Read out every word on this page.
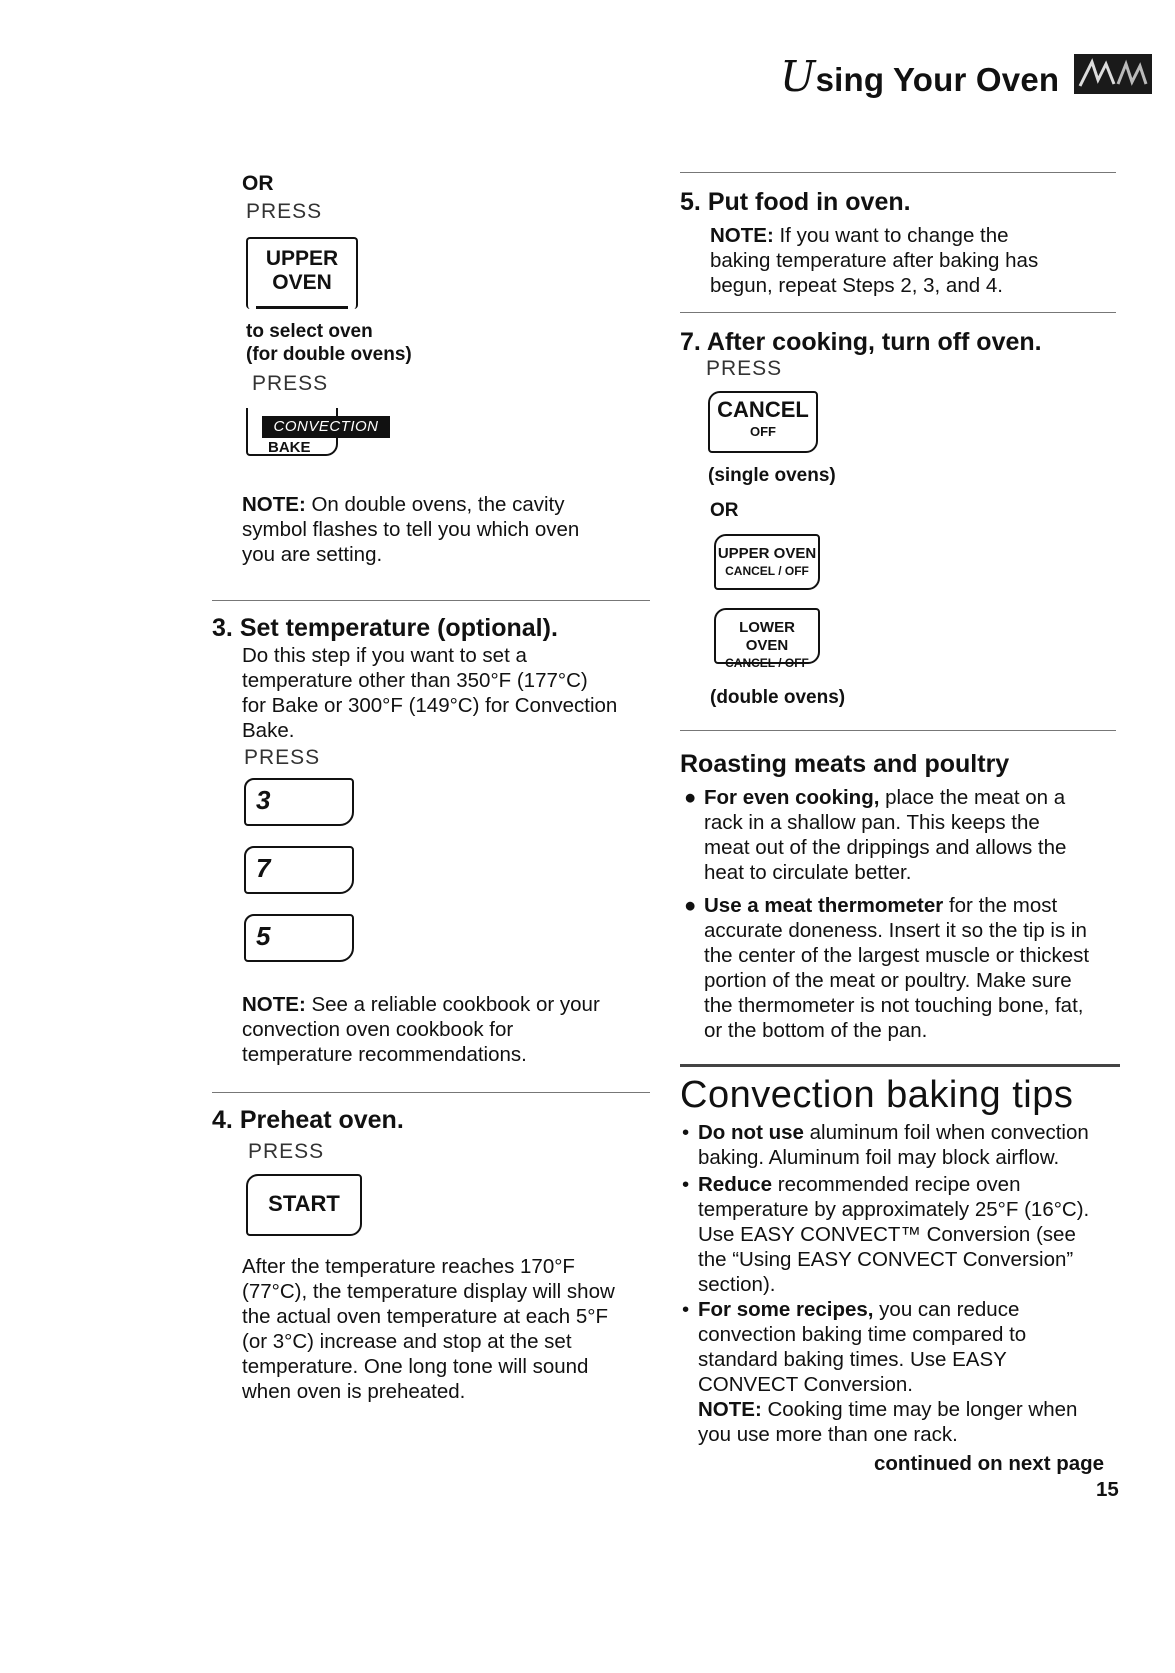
Using Your Oven
OR
PRESS
UPPER
OVEN
to select oven
(for double ovens)
PRESS
CONVECTION
BAKE
NOTE: On double ovens, the cavity
symbol flashes to tell you which oven
you are setting.
3. Set temperature (optional).
Do this step if you want to set a
temperature other than 350°F (177°C)
for Bake or 300°F (149°C) for Convection
Bake.
PRESS
3
7
5
NOTE: See a reliable cookbook or your
convection oven cookbook for
temperature recommendations.
4. Preheat oven.
PRESS
START
After the temperature reaches 170°F
(77°C), the temperature display will show
the actual oven temperature at each 5°F
(or 3°C) increase and stop at the set
temperature. One long tone will sound
when oven is preheated.
5. Put food in oven.
NOTE: If you want to change the
baking temperature after baking has
begun, repeat Steps 2, 3, and 4.
7. After cooking, turn off oven.
PRESS
CANCEL
OFF
(single ovens)
OR
UPPER OVEN
CANCEL / OFF
LOWER OVEN
CANCEL / OFF
(double ovens)
Roasting meats and poultry
● For even cooking, place the meat on a
rack in a shallow pan. This keeps the
meat out of the drippings and allows the
heat to circulate better.
● Use a meat thermometer for the most
accurate doneness. Insert it so the tip is in
the center of the largest muscle or thickest
portion of the meat or poultry. Make sure
the thermometer is not touching bone, fat,
or the bottom of the pan.
Convection baking tips
• Do not use aluminum foil when convection
baking. Aluminum foil may block airflow.
• Reduce recommended recipe oven
temperature by approximately 25°F (16°C).
Use EASY CONVECT™ Conversion (see
the “Using EASY CONVECT Conversion”
section).
• For some recipes, you can reduce
convection baking time compared to
standard baking times. Use EASY
CONVECT Conversion.
NOTE: Cooking time may be longer when
you use more than one rack.
continued on next page
15
